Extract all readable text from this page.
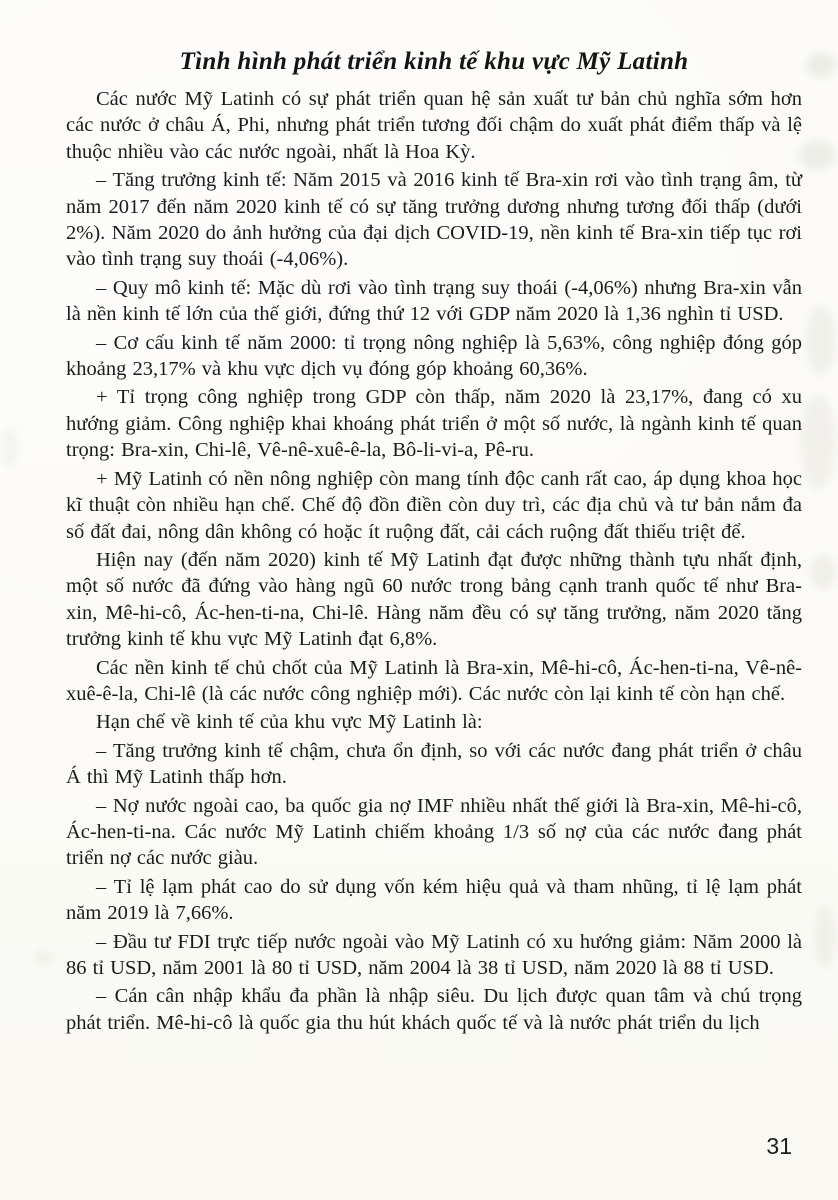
Tình hình phát triển kinh tế khu vực Mỹ Latinh

Các nước Mỹ Latinh có sự phát triển quan hệ sản xuất tư bản chủ nghĩa sớm hơn các nước ở châu Á, Phi, nhưng phát triển tương đối chậm do xuất phát điểm thấp và lệ thuộc nhiều vào các nước ngoài, nhất là Hoa Kỳ.

– Tăng trưởng kinh tế: Năm 2015 và 2016 kinh tế Bra-xin rơi vào tình trạng âm, từ năm 2017 đến năm 2020 kinh tế có sự tăng trưởng dương nhưng tương đối thấp (dưới 2%). Năm 2020 do ảnh hưởng của đại dịch COVID-19, nền kinh tế Bra-xin tiếp tục rơi vào tình trạng suy thoái (-4,06%).

– Quy mô kinh tế: Mặc dù rơi vào tình trạng suy thoái (-4,06%) nhưng Bra-xin vẫn là nền kinh tế lớn của thế giới, đứng thứ 12 với GDP năm 2020 là 1,36 nghìn tỉ USD.

– Cơ cấu kinh tế năm 2000: tỉ trọng nông nghiệp là 5,63%, công nghiệp đóng góp khoảng 23,17% và khu vực dịch vụ đóng góp khoảng 60,36%.

+ Tỉ trọng công nghiệp trong GDP còn thấp, năm 2020 là 23,17%, đang có xu hướng giảm. Công nghiệp khai khoáng phát triển ở một số nước, là ngành kinh tế quan trọng: Bra-xin, Chi-lê, Vê-nê-xuê-ê-la, Bô-li-vi-a, Pê-ru.

+ Mỹ Latinh có nền nông nghiệp còn mang tính độc canh rất cao, áp dụng khoa học kĩ thuật còn nhiều hạn chế. Chế độ đồn điền còn duy trì, các địa chủ và tư bản nắm đa số đất đai, nông dân không có hoặc ít ruộng đất, cải cách ruộng đất thiếu triệt để.

Hiện nay (đến năm 2020) kinh tế Mỹ Latinh đạt được những thành tựu nhất định, một số nước đã đứng vào hàng ngũ 60 nước trong bảng cạnh tranh quốc tế như Bra-xin, Mê-hi-cô, Ác-hen-ti-na, Chi-lê. Hàng năm đều có sự tăng trưởng, năm 2020 tăng trưởng kinh tế khu vực Mỹ Latinh đạt 6,8%.

Các nền kinh tế chủ chốt của Mỹ Latinh là Bra-xin, Mê-hi-cô, Ác-hen-ti-na, Vê-nê-xuê-ê-la, Chi-lê (là các nước công nghiệp mới). Các nước còn lại kinh tế còn hạn chế.

Hạn chế về kinh tế của khu vực Mỹ Latinh là:

– Tăng trưởng kinh tế chậm, chưa ổn định, so với các nước đang phát triển ở châu Á thì Mỹ Latinh thấp hơn.

– Nợ nước ngoài cao, ba quốc gia nợ IMF nhiều nhất thế giới là Bra-xin, Mê-hi-cô, Ác-hen-ti-na. Các nước Mỹ Latinh chiếm khoảng 1/3 số nợ của các nước đang phát triển nợ các nước giàu.

– Tỉ lệ lạm phát cao do sử dụng vốn kém hiệu quả và tham nhũng, tỉ lệ lạm phát năm 2019 là 7,66%.

– Đầu tư FDI trực tiếp nước ngoài vào Mỹ Latinh có xu hướng giảm: Năm 2000 là 86 tỉ USD, năm 2001 là 80 tỉ USD, năm 2004 là 38 tỉ USD, năm 2020 là 88 tỉ USD.

– Cán cân nhập khẩu đa phần là nhập siêu. Du lịch được quan tâm và chú trọng phát triển. Mê-hi-cô là quốc gia thu hút khách quốc tế và là nước phát triển du lịch

31
